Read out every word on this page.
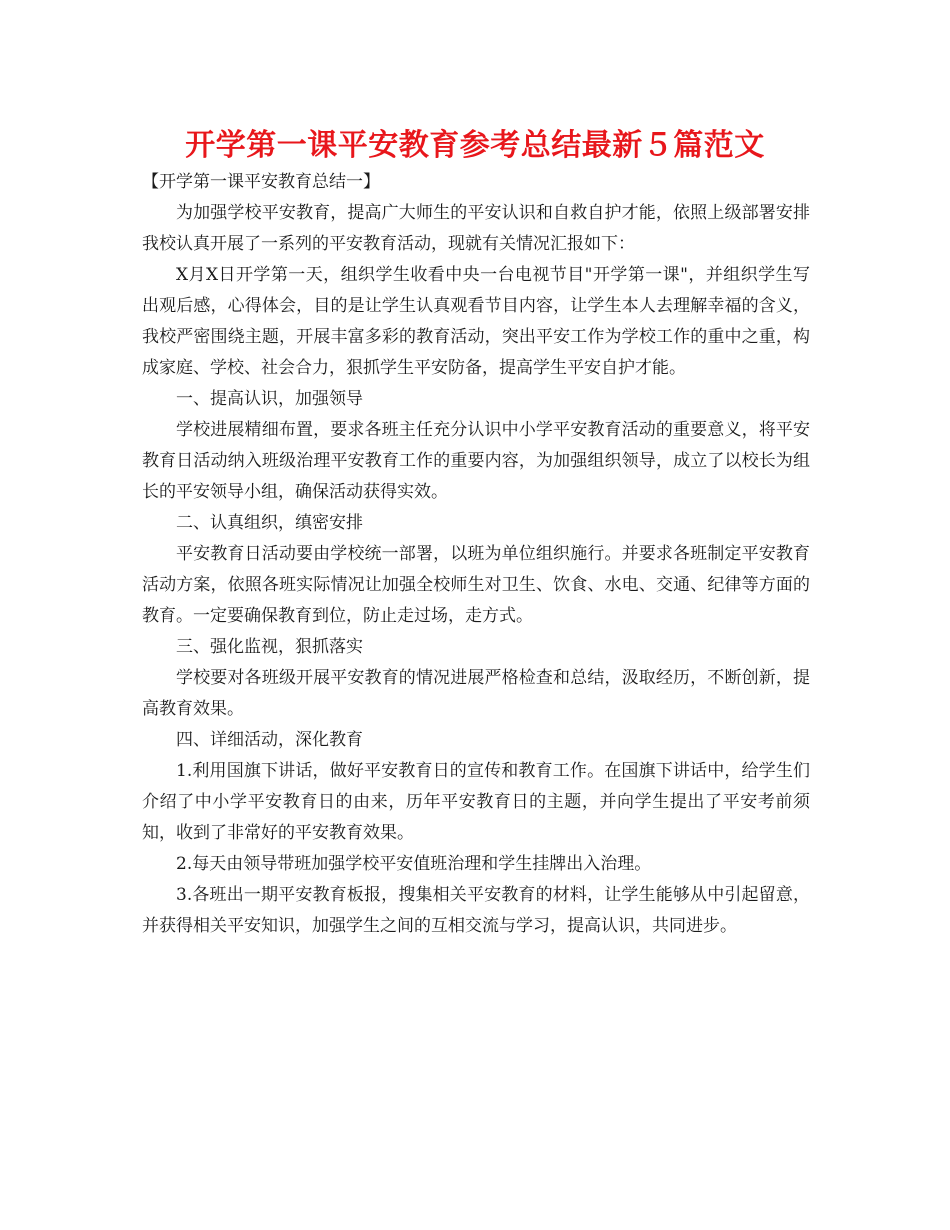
开学第一课平安教育参考总结最新５篇范文

【开学第一课平安教育总结一】

为加强学校平安教育，提高广大师生的平安认识和自救自护才能，依照上级部署安排我校认真开展了一系列的平安教育活动，现就有关情况汇报如下：

X月X日开学第一天，组织学生收看中央一台电视节目"开学第一课"，并组织学生写出观后感，心得体会，目的是让学生认真观看节目内容，让学生本人去理解幸福的含义，我校严密围绕主题，开展丰富多彩的教育活动，突出平安工作为学校工作的重中之重，构成家庭、学校、社会合力，狠抓学生平安防备，提高学生平安自护才能。

一、提高认识，加强领导

学校进展精细布置，要求各班主任充分认识中小学平安教育活动的重要意义，将平安教育日活动纳入班级治理平安教育工作的重要内容，为加强组织领导，成立了以校长为组长的平安领导小组，确保活动获得实效。

二、认真组织，缜密安排

平安教育日活动要由学校统一部署，以班为单位组织施行。并要求各班制定平安教育活动方案，依照各班实际情况让加强全校师生对卫生、饮食、水电、交通、纪律等方面的教育。一定要确保教育到位，防止走过场，走方式。

三、强化监视，狠抓落实

学校要对各班级开展平安教育的情况进展严格检查和总结，汲取经历，不断创新，提高教育效果。

四、详细活动，深化教育

1.利用国旗下讲话，做好平安教育日的宣传和教育工作。在国旗下讲话中，给学生们介绍了中小学平安教育日的由来，历年平安教育日的主题，并向学生提出了平安考前须知，收到了非常好的平安教育效果。

2.每天由领导带班加强学校平安值班治理和学生挂牌出入治理。

3.各班出一期平安教育板报，搜集相关平安教育的材料，让学生能够从中引起留意，并获得相关平安知识，加强学生之间的互相交流与学习，提高认识，共同进步。
